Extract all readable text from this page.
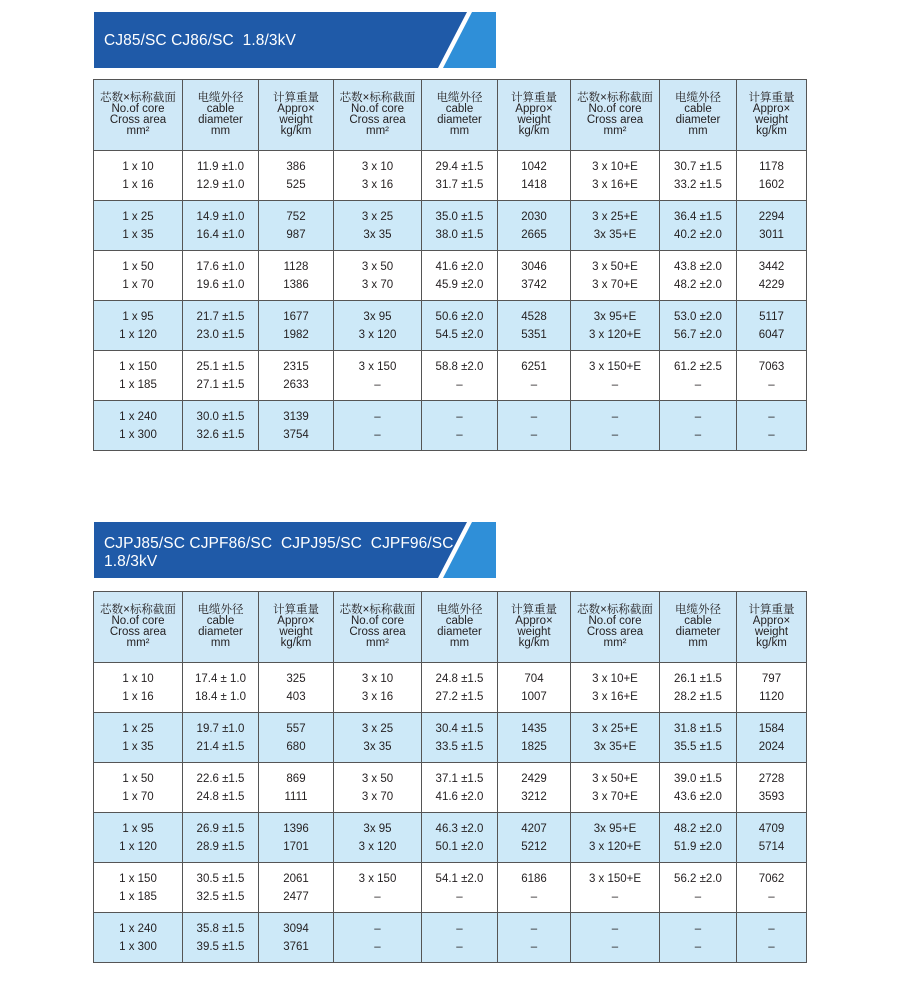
CJ85/SC CJ86/SC  1.8/3kV
芯数×标称截面
No.of core
Cross area
mm²	电缆外径
cable
diameter
mm	计算重量
Appro×
weight
kg/km	芯数×标称截面
No.of core
Cross area
mm²	电缆外径
cable
diameter
mm	计算重量
Appro×
weight
kg/km	芯数×标称截面
No.of core
Cross area
mm²	电缆外径
cable
diameter
mm	计算重量
Appro×
weight
kg/km

1 x 10
1 x 16	11.9 ±1.0
12.9 ±1.0	386
525	3 x 10
3 x 16	29.4 ±1.5
31.7 ±1.5	1042
1418	3 x 10+E
3 x 16+E	30.7 ±1.5
33.2 ±1.5	1178
1602

1 x 25
1 x 35	14.9 ±1.0
16.4 ±1.0	752
987	3 x 25
3x 35	35.0 ±1.5
38.0 ±1.5	2030
2665	3 x 25+E
3x 35+E	36.4 ±1.5
40.2 ±2.0	2294
3011

1 x 50
1 x 70	17.6 ±1.0
19.6 ±1.0	1128
1386	3 x 50
3 x 70	41.6 ±2.0
45.9 ±2.0	3046
3742	3 x 50+E
3 x 70+E	43.8 ±2.0
48.2 ±2.0	3442
4229

1 x 95
1 x 120	21.7 ±1.5
23.0 ±1.5	1677
1982	3x 95
3 x 120	50.6 ±2.0
54.5 ±2.0	4528
5351	3x 95+E
3 x 120+E	53.0 ±2.0
56.7 ±2.0	5117
6047

1 x 150
1 x 185	25.1 ±1.5
27.1 ±1.5	2315
2633	3 x 150
–	58.8 ±2.0
–	6251
–	3 x 150+E
–	61.2 ±2.5
–	7063
–

1 x 240
1 x 300	30.0 ±1.5
32.6 ±1.5	3139
3754	–
–	–
–	–
–	–
–	–
–	–
–
CJPJ85/SC CJPF86/SC  CJPJ95/SC  CJPF96/SC
1.8/3kV
芯数×标称截面
No.of core
Cross area
mm²	电缆外径
cable
diameter
mm	计算重量
Appro×
weight
kg/km	芯数×标称截面
No.of core
Cross area
mm²	电缆外径
cable
diameter
mm	计算重量
Appro×
weight
kg/km	芯数×标称截面
No.of core
Cross area
mm²	电缆外径
cable
diameter
mm	计算重量
Appro×
weight
kg/km

1 x 10
1 x 16	17.4 ± 1.0
18.4 ± 1.0	325
403	3 x 10
3 x 16	24.8 ±1.5
27.2 ±1.5	704
1007	3 x 10+E
3 x 16+E	26.1 ±1.5
28.2 ±1.5	797
1120

1 x 25
1 x 35	19.7 ±1.0
21.4 ±1.5	557
680	3 x 25
3x 35	30.4 ±1.5
33.5 ±1.5	1435
1825	3 x 25+E
3x 35+E	31.8 ±1.5
35.5 ±1.5	1584
2024

1 x 50
1 x 70	22.6 ±1.5
24.8 ±1.5	869
1111	3 x 50
3 x 70	37.1 ±1.5
41.6 ±2.0	2429
3212	3 x 50+E
3 x 70+E	39.0 ±1.5
43.6 ±2.0	2728
3593

1 x 95
1 x 120	26.9 ±1.5
28.9 ±1.5	1396
1701	3x 95
3 x 120	46.3 ±2.0
50.1 ±2.0	4207
5212	3x 95+E
3 x 120+E	48.2 ±2.0
51.9 ±2.0	4709
5714

1 x 150
1 x 185	30.5 ±1.5
32.5 ±1.5	2061
2477	3 x 150
–	54.1 ±2.0
–	6186
–	3 x 150+E
–	56.2 ±2.0
–	7062
–

1 x 240
1 x 300	35.8 ±1.5
39.5 ±1.5	3094
3761	–
–	–
–	–
–	–
–	–
–	–
–
